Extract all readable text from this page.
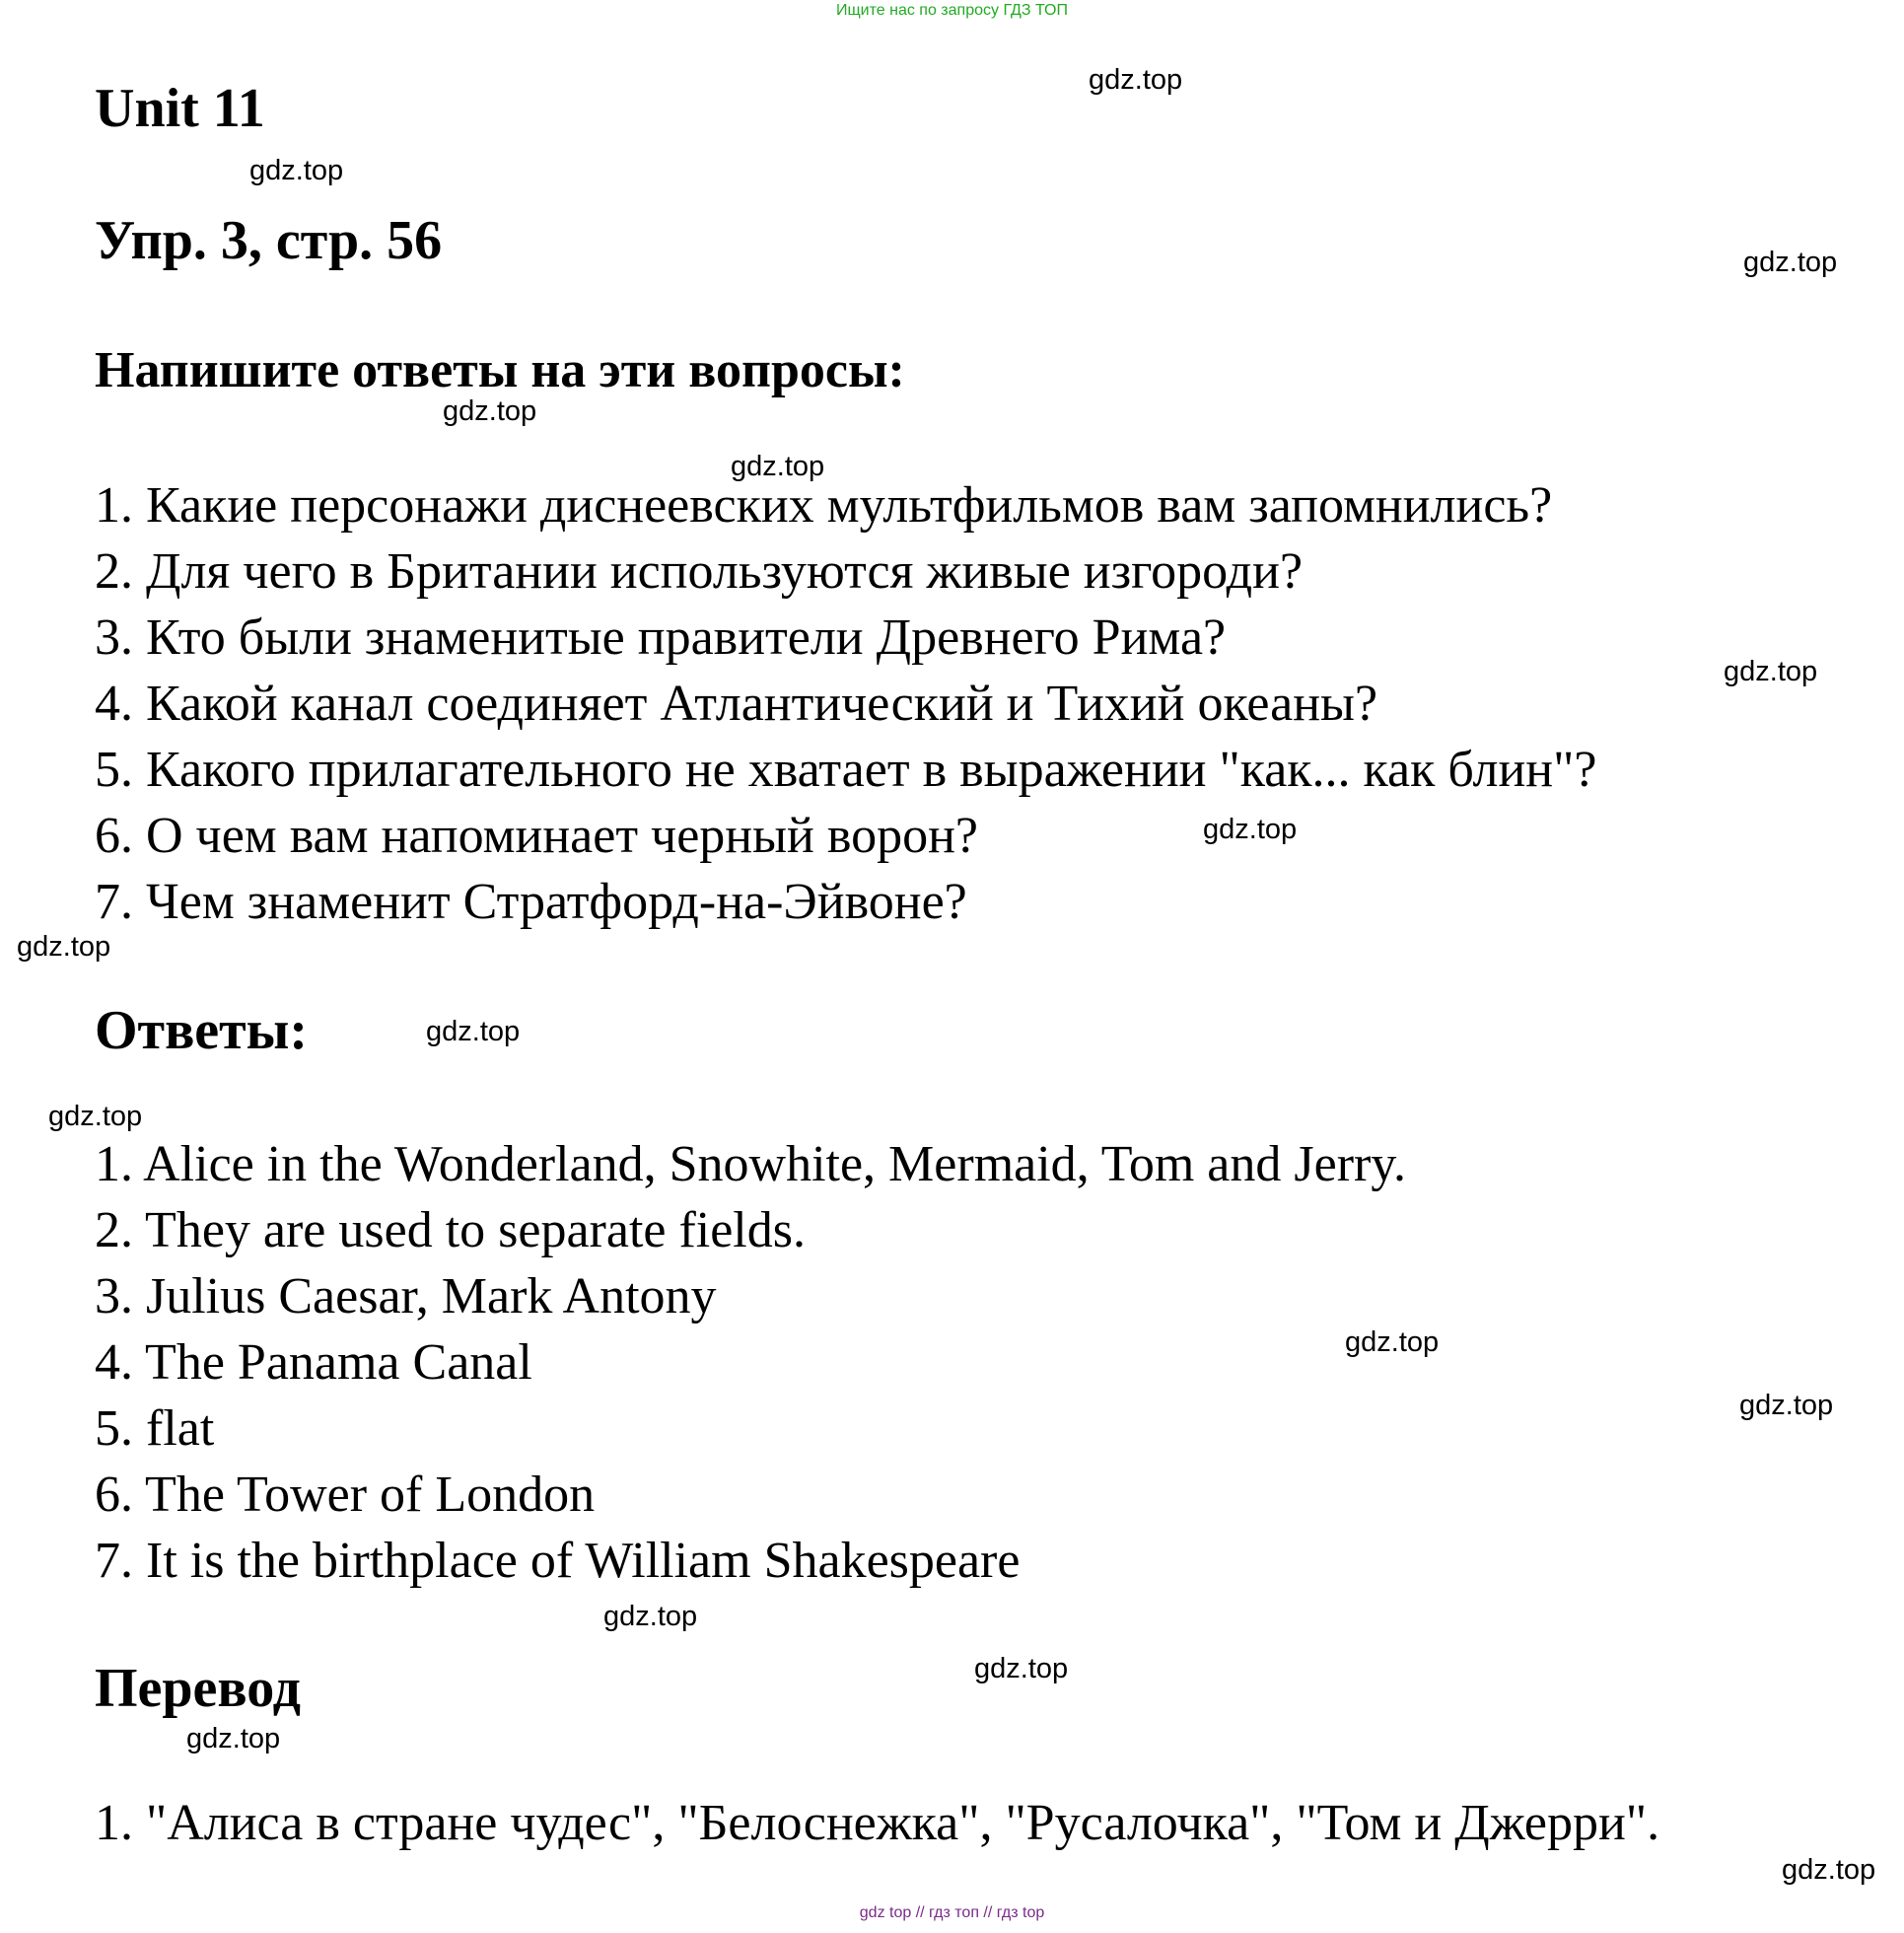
Ищите нас по запросу ГДЗ ТОП
Unit 11
Упр. 3, стр. 56
Напишите ответы на эти вопросы:
1. Какие персонажи диснеевских мультфильмов вам запомнились?
2. Для чего в Британии используются живые изгороди?
3. Кто были знаменитые правители Древнего Рима?
4. Какой канал соединяет Атлантический и Тихий океаны?
5. Какого прилагательного не хватает в выражении "как... как блин"?
6. О чем вам напоминает черный ворон?
7. Чем знаменит Стратфорд-на-Эйвоне?
Ответы:
1. Alice in the Wonderland, Snowhite, Mermaid, Tom and Jerry.
2. They are used to separate fields.
3. Julius Caesar, Mark Antony
4. The Panama Canal
5. flat
6. The Tower of London
7. It is the birthplace of William Shakespeare
Перевод
1. "Алиса в стране чудес", "Белоснежка", "Русалочка", "Том и Джерри".
gdz.top
gdz.top
gdz.top
gdz.top
gdz.top
gdz.top
gdz.top
gdz.top
gdz.top
gdz.top
gdz.top
gdz.top
gdz.top
gdz.top
gdz.top
gdz.top
gdz top // гдз топ // гдз top
